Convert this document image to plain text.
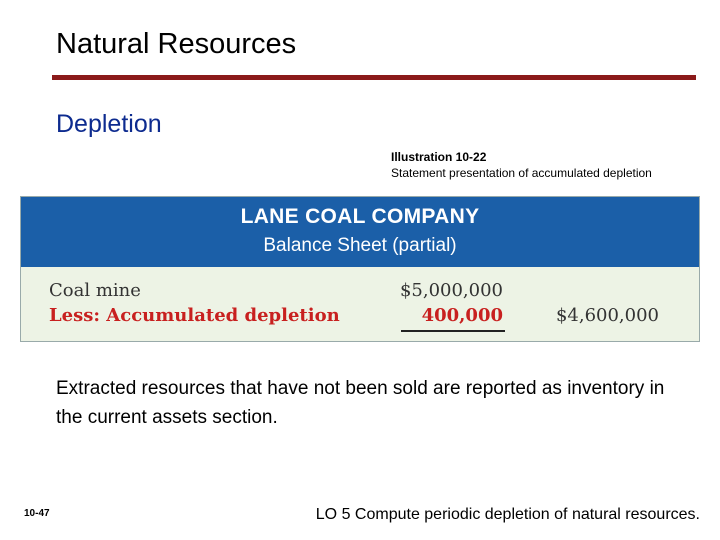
Natural Resources
Depletion
Illustration 10-22
Statement presentation of accumulated depletion
LANE COAL COMPANY
Balance Sheet (partial)
Coal mine	$5,000,000
Less: Accumulated depletion	400,000	$4,600,000
Extracted resources that have not been sold are reported as inventory in the current assets section.
10-47	LO 5 Compute periodic depletion of natural resources.
